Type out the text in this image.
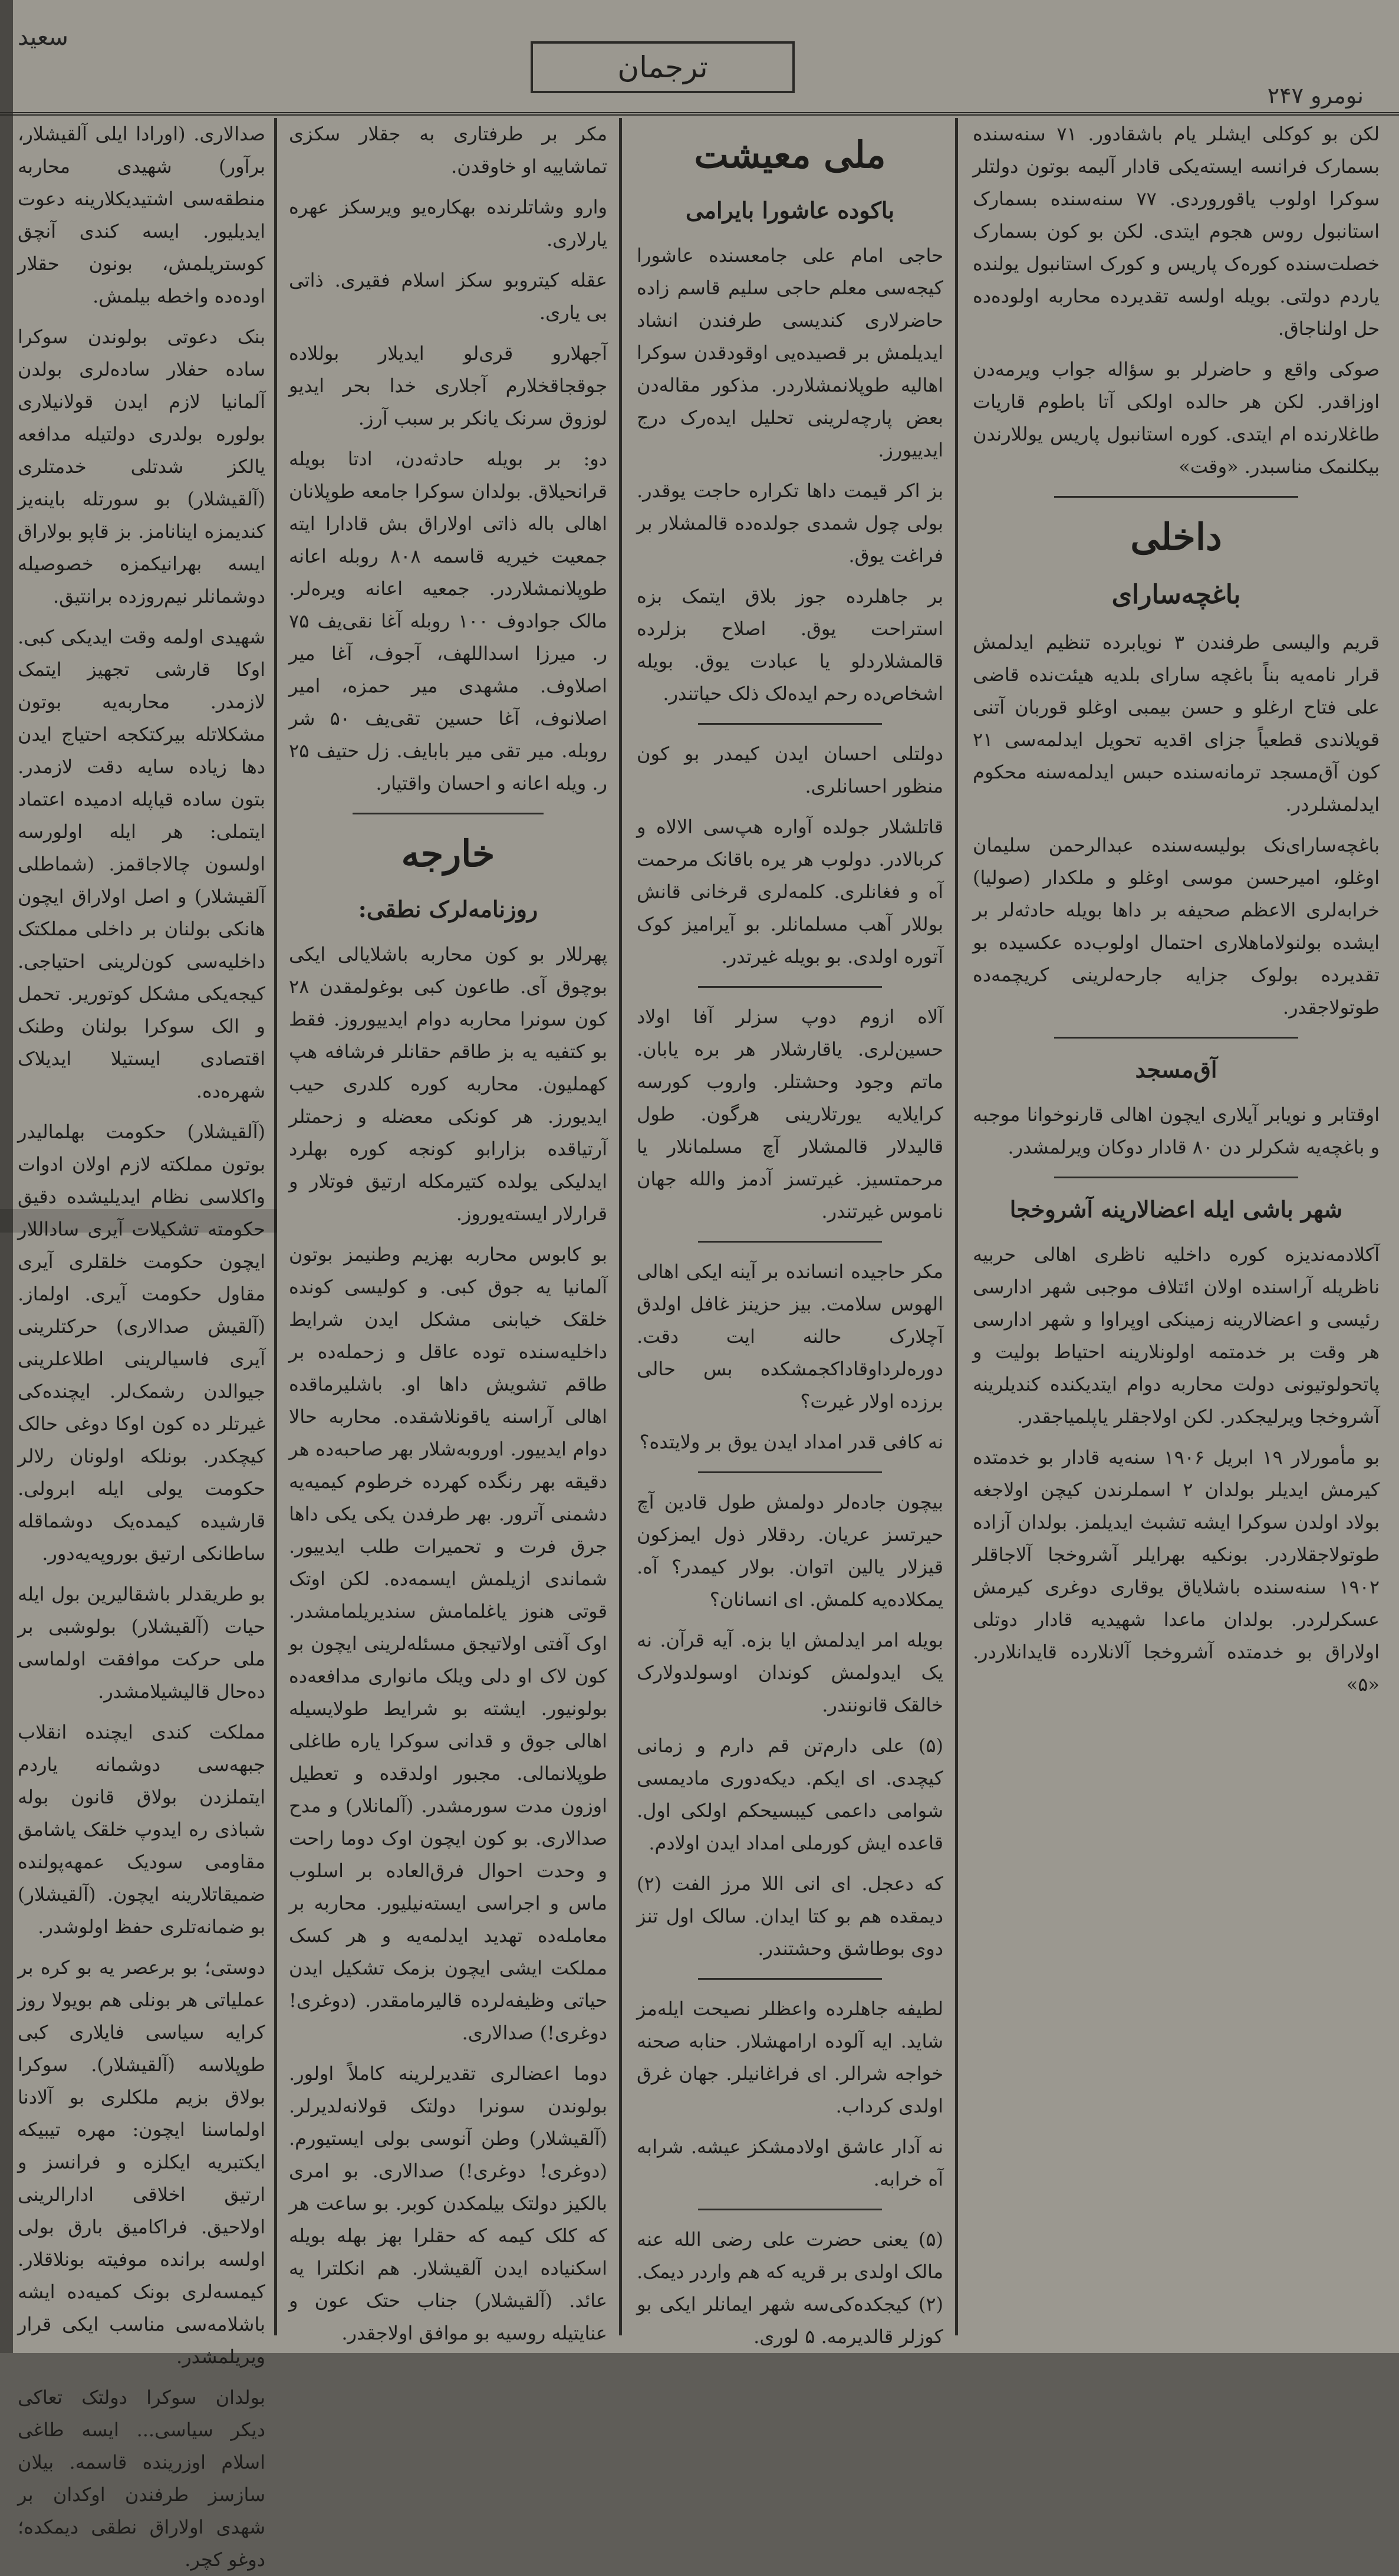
سعید
ترجمان
نومرو ۲۴۷
لکن بو کوکلی ایشلر یام باشقادور. ۷۱ سنه‌سنده بسمارک فرانسه ایسته‌یکی قادار آلیمه بوتون دولتلر سوکرا اولوب یاقوروردی. ۷۷ سنه‌سنده بسمارک استانبول روس هجوم ایتدی. لکن بو کون بسمارک خصلت‌سنده کوره‌ک پاریس و کورک استانبول یولنده یاردم دولتی. بویله اولسه تقدیرده محاربه اولوده‌ده حل اولناجاق.
صوکی واقع و حاضرلر بو سؤاله جواب ویرمه‌دن اوزاقدر. لکن هر حالده اولکی آتا باطوم قاریات طاغلارنده ام ایتدی. کوره استانبول پاریس یوللارندن بیکلنمک مناسبدر. «وقت»
داخلی
باغچه‌سارای
قریم والیسی طرفندن ۳ نویابرده تنظیم ایدلمش قرار نامه‌یه بناً باغچه سارای بلدیه هیئت‌نده قاضی علی فتاح ارغلو و حسن بیمبی اوغلو قوربان آتنی قویلاندی قطعیاً جزای اقدیه تحویل ایدلمه‌سی ۲۱ کون آق‌مسجد ترمانه‌سنده حبس ایدلمه‌سنه محکوم ایدلمشلردر.
باغچه‌سارای‌نک بولیسه‌سنده عبدالرحمن سلیمان اوغلو، امیرحسن موسی اوغلو و ملکدار (صولیا) خرابه‌لری الاعظم صحیفه بر داها بویله حادثه‌لر بر ایشده بولنولاماهلاری احتمال اولوب‌ده عکسیده بو تقدیرده بولوک جزایه جارحه‌لرینی کریچمه‌ده طوتولاجقدر.
آق‌مسجد
اوقتابر و نویابر آیلاری ایچون اهالی قارنوخوانا موجبه و باغچه‌یه شکرلر دن ۸۰ قادار دوکان ویرلمشدر.
شهر باشی ایله اعضالارینه آشروخجا
آکلادمه‌ندیزه کوره داخلیه ناظری اهالی حربیه ناظریله آراسنده اولان ائتلاف موجبی شهر ادارسی رئیسی و اعضالارینه زمینکی اوپراوا و شهر ادارسی هر وقت بر خدمتمه اولونلارینه احتیاط بولیت و پاتحولوتیونی دولت محاربه دوام ایتدیکنده کندیلرینه آشروخجا ویرلیجکدر. لکن اولاجقلر یاپلمیاجقدر.
بو مأمورلار ۱۹ ابریل ۱۹۰۶ سنه‌یه قادار بو خدمتده کیرمش ایدیلر بولدان ۲ اسملرندن کیچن اولاجغه بولاد اولدن سوکرا ایشه تشبث ایدیلمز. بولدان آزاده طوتولاجقلاردر. بونکیه بهرایلر آشروخجا آلاجاقلر ۱۹۰۲ سنه‌سنده باشلایاق یوقاری دوغری کیرمش عسکرلردر. بولدان ماعدا شهیدیه قادار دوتلی اولاراق بو خدمتده آشروخجا آلانلارده قایدانلاردر. «۵»
ملی معیشت
باکوده عاشورا بایرامی
حاجی امام علی جامعسنده عاشورا کیجه‌سی معلم حاجی سلیم قاسم زاده حاضرلاری کندیسی طرفندن انشاد ایدیلمش بر قصیده‌یی اوقودقدن سوکرا اهالیه طوپلانمشلاردر. مذکور مقاله‌دن بعض پارچه‌لرینی تحلیل ایده‌رک درج ایدییورز.
بز اکر قیمت داها تکراره حاجت یوقدر. بولی چول شمدی جولده‌ده قالمشلار بر فراغت یوق.
بر جاهلرده جوز بلاق ایتمک بزه استراحت یوق. اصلاح بزلرده قالمشلاردلو یا عبادت یوق. بویله اشخاص‌ده رحم ایده‌لک ذلک حیاتندر.
دولتلی احسان ایدن کیمدر بو کون منظور احسانلری.
قاتلشلار جولده آواره هپ‌سی الالاه و کربالادر. دولوب هر یره باقانک مرحمت آه و فغانلری. کلمه‌لری قرخانی قانش بوللار آهب مسلمانلر. بو آیرامیز کوک آتوره اولدی. بو بویله غیرتدر.
آلاه ازوم دوپ سزلر آفا اولاد حسین‌لری. یاقارشلار هر بره یابان. ماتم وجود وحشتلر. واروب کورسه کرایلایه یورتلارینی هرگون. طول قالیدلار قالمشلار آچ مسلمانلار یا مرحمتسیز. غیرتسز آدمز والله جهان ناموس غیرتندر.
مکر حاجیده انسانده بر آینه ایکی اهالی الهوس سلامت. بیز حزینز غافل اولدق آچلارک حالنه ایت دقت. دوره‌لرداوقاداکجمشکده بس حالی برزده اولار غیرت؟
نه کافی قدر امداد ایدن یوق بر ولایتده؟
بیچون جاده‌لر دولمش طول قادین آچ حیرتسز عریان. ردقلار ذول ایمزکون قیزلار یالین اتوان. بولار کیمدر؟ آه. یمکلاده‌یه کلمش. ای انسانان؟
بویله امر ایدلمش ایا بزه. آیه قرآن. نه یک ایدولمش کوندان اوسولدولارک خالقک قانونندر.
(۵) علی دارم‌تن قم دارم و زمانی کیچدی. ای ایکم. دیکه‌دوری مادیمسی شوامی داعمی کیبسیحکم اولکی اول. قاعده ایش کورملی امداد ایدن اولادم.
که دعجل. ای انی اللا مرز الفت (۲) دیمقده هم بو کتا ایدان. سالک اول تنز دوی بوطاشق وحشتندر.
لطیفه جاهلرده واعظلر نصیحت ایله‌مز شاید. ایه آلوده ارامهشلار. حنابه صحنه خواجه شرالر. ای فراغانیلر. جهان غرق اولدی کرداب.
نه آدار عاشق اولادمشکز عیشه. شرابه آه خرابه.
(۵) یعنی حضرت علی رضی الله عنه مالک اولدی بر قریه که هم واردر دیمک. (۲) کیجکده‌کی‌سه شهر ایمانلر ایکی بو کوزلر قالدیرمه. ۵ لوری.
مکر بر طرفتاری به جقلار سکزی تماشاییه او خاوقدن.
وارو وشاتلرنده بهکاره‌یو ویرسکز عهره یارلاری.
عقله کیتروبو سکز اسلام فقیری. ذاتی بی یاری.
آجهلارو قری‌لو ایدیلار بوللاده جوقجاقخلارم آجلاری خدا بحر ایدیو لوزوق سرنک یانکر بر سبب آرز.
دو: بر بویله حادثه‌دن، ادتا بویله قرانحیلاق. بولدان سوکرا جامعه طوپلانان اهالی باله ذاتی اولاراق بش قادارا ایته جمعیت خیریه قاسمه ۸۰۸ روبله اعانه طوپلانمشلاردر. جمعیه اعانه ویره‌لر. مالک جوادوف ۱۰۰ روبله آغا نقی‌یف ۷۵ ر. میرزا اسداللهف، آجوف، آغا میر اصلاوف. مشهدی میر حمزه، امیر اصلانوف، آغا حسین تقی‌یف ۵۰ شر روبله. میر تقی میر بابایف. زل حتیف ۲۵ ر. ویله اعانه و احسان واقتیار.
خارجه
روزنامه‌لرک نطقی:
پهرللار بو کون محاربه باشلایالی ایکی بوچوق آی. طاعون کبی بوغولمقدن ۲۸ کون سونرا محاربه دوام ایدییوروز. فقط بو کتفیه یه بز طاقم حقانلر فرشافه هپ کهملیون. محاربه کوره کلدری حیب ایدیورز. هر کونکی معضله و زحمتلر آرتیاقده بزارابو کونجه کوره بهلرد ایدلیکی یولده کتیرمکله ارتیق فوتلار و قرارلار ایسته‌یوروز.
بو کابوس محاربه بهزیم وطنیمز بوتون آلمانیا یه جوق کبی. و کولیسی کونده خلقک خیابنی مشکل ایدن شرایط داخلیه‌سنده توده عاقل و زحمله‌ده بر طاقم تشویش داها او. باشلیرماقده اهالی آراسنه یاقونلاشقده. محاربه حالا دوام ایدییور. اوروبه‌شلار بهر صاحبه‌ده هر دقیقه بهر رنگده کهرده خرطوم کیمیه‌یه دشمنی آترور. بهر طرفدن یکی یکی داها جرق فرت و تحمیرات طلب ایدییور. شماندی ازیلمش ایسمه‌ده. لکن اوتک قوتی هنوز یاغلمامش سندیریلمامشدر. اوک آفتی اولاتیجق مسئله‌لرینی ایچون بو کون لاک او دلی ویلک مانواری مدافعه‌ده بولونیور. ایشته بو شرایط طولایسیله اهالی جوق و قدانی سوکرا یاره طاغلی طوپلانمالی. مجبور اولدقده و تعطیل اوزون مدت سورمشدر. (آلمانلار) و مدح صدالاری. بو کون ایچون اوک دوما راحت و وحدت احوال فرق‌العاده بر اسلوب ماس و اجراسی ایسته‌نیلیور. محاربه بر معامله‌ده تهدید ایدلمه‌یه و هر کسک مملکت ایشی ایچون بزمک تشکیل ایدن حیاتی وظیفه‌لرده قالیرمامقدر. (دوغری! دوغری!) صدالاری.
دوما اعضالری تقدیرلرینه کاملاً اولور. بولوندن سونرا دولتک قولانه‌لدیرلر. (آلقیشلار) وطن آنوسی بولی ایستیورم. (دوغری! دوغری!) صدالاری. بو امری بالکیز دولتک بیلمکدن کوبر. بو ساعت هر که کلک کیمه که حقلرا بهز بهله بویله اسکنیاده ایدن آلقیشلار. هم انکلترا یه عائد. (آلقیشلار) جناب حتک عون و عنایتیله روسیه بو موافق اولاجقدر.
صدالاری. (اورادا ایلی آلقیشلار، برآور) شهیدی محاربه منطقه‌سی اشتیدیکلارینه دعوت ایدیلیور. ایسه کندی آنچق کوستریلمش، بونون حقلار اوده‌ده واخطه بیلمش.
بنک دعوتی بولوندن سوکرا ساده حفلار ساده‌لری بولدن آلمانیا لازم ایدن قولانیلاری بولوره بولدری دولتیله مدافعه یالکز شدتلی خدمتلری (آلقیشلار) بو سورتله باینه‌یز کندیمزه اینانامز. بز قاپو بولاراق ایسه بهرانیکمزه خصوصیله دوشمانلر نیم‌روزده برانتیق.
شهیدی اولمه وقت ایدیکی کبی. اوکا قارشی تجهیز ایتمک لازمدر. محاربه‌یه بوتون مشکلاتله بیرکتکجه احتیاج ایدن دها زیاده سایه دقت لازمدر. بتون ساده قیاپله ادمیده اعتماد ایتملی: هر ایله اولورسه اولسون چالاجاقمز. (شماطلی آلقیشلار) و اصل اولاراق ایچون هانکی بولنان بر داخلی مملکتک داخلیه‌سی کون‌لرینی احتیاجی. کیجه‌یکی مشکل کوتوریر. تحمل و الک سوکرا بولنان وطنک اقتصادی ایستیلا ایدیلاک شهره‌ده.
(آلقیشلار) حکومت بهلمالیدر بوتون مملکته لازم اولان ادوات واکلاسی نظام ایدیلیشده دقیق حکومته تشکیلات آیری ساداللار ایچون حکومت خلقلری آیری مقاول حکومت آیری. اولماز. (آلقیش صدالاری) حرکتلرینی آیری فاسیالرینی اطلاعلرینی جیوالدن رشمک‌لر. ایچنده‌کی غیرتلر ده کون اوکا دوغی حالک کیچکدر. بونلکه اولونان رلالر حکومت یولی ایله ابرولی. قارشیده کیمده‌یک دوشماقله ساطانکی ارتیق بوروپه‌یه‌دور.
بو طریقدلر باشقالیرین بول ایله حیات (آلقیشلار) بولوشبی بر ملی حرکت موافقت اولماسی ده‌حال قالیشیلامشدر.
مملکت کندی ایچنده انقلاب جبهه‌سی دوشمانه یاردم ایتملزدن بولاق قانون بوله شباذی ره ایدوپ خلقک یاشامق مقاومی سودیک عمهه‌پولنده ضمیقاتلارینه ایچون. (آلقیشلار) بو ضمانه‌تلری حفظ اولوشدر.
دوستی؛ بو برعصر یه بو کره بر عملیاتی هر بونلی هم بویولا روز کرایه سیاسی فایلاری کبی طوپلاسه (آلقیشلار). سوکرا بولاق بزیم ملکلری بو آلادنا اولماسنا ایچون: مهره تیبیکه ایکتبریه ایکلزه و فرانسز و ارتیق اخلاقی ادارالرینی اولاحیق. فراکامیق بارق بولی اولسه برانده موفیته بونلاقلار. کیمسه‌لری بونک کمیه‌ده ایشه باشلامه‌سی مناسب ایکی قرار ویریلمشدر.
بولدان سوکرا دولتک تعاکی دیکر سیاسی... ایسه طاغی اسلام اوزرینده قاسمه. بیلان ساز‌سز طرفندن اوکدان بر شهدی اولاراق نطقی دیمکده؛ دوغو کچر.
